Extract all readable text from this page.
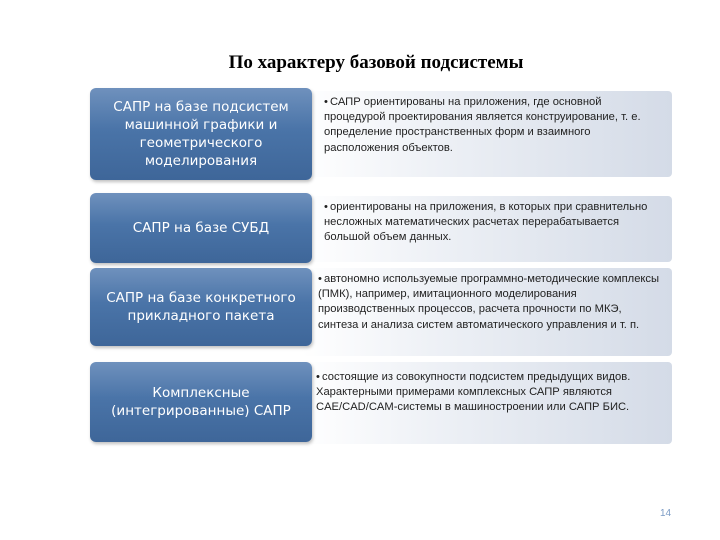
По характеру базовой подсистемы
• САПР ориентированы на приложения, где основной процедурой проектирования является конструирование, т. е. определение пространственных форм и взаимного расположения объектов.
САПР на базе подсистем
машинной графики и
геометрического
моделирования
• ориентированы на приложения, в которых при сравнительно несложных математических расчетах перерабатывается большой объем данных.
САПР на базе СУБД
• автономно используемые программно-методические комплексы (ПМК), например, имитационного моделирования производственных процессов, расчета прочности по МКЭ, синтеза и анализа систем автоматического управления и т. п.
САПР на базе конкретного
прикладного пакета
• состоящие из совокупности подсистем предыдущих видов. Характерными примерами комплексных САПР являются CAE/CAD/CAM-системы в машиностроении или САПР БИС.
Комплексные
(интегрированные) САПР
14
